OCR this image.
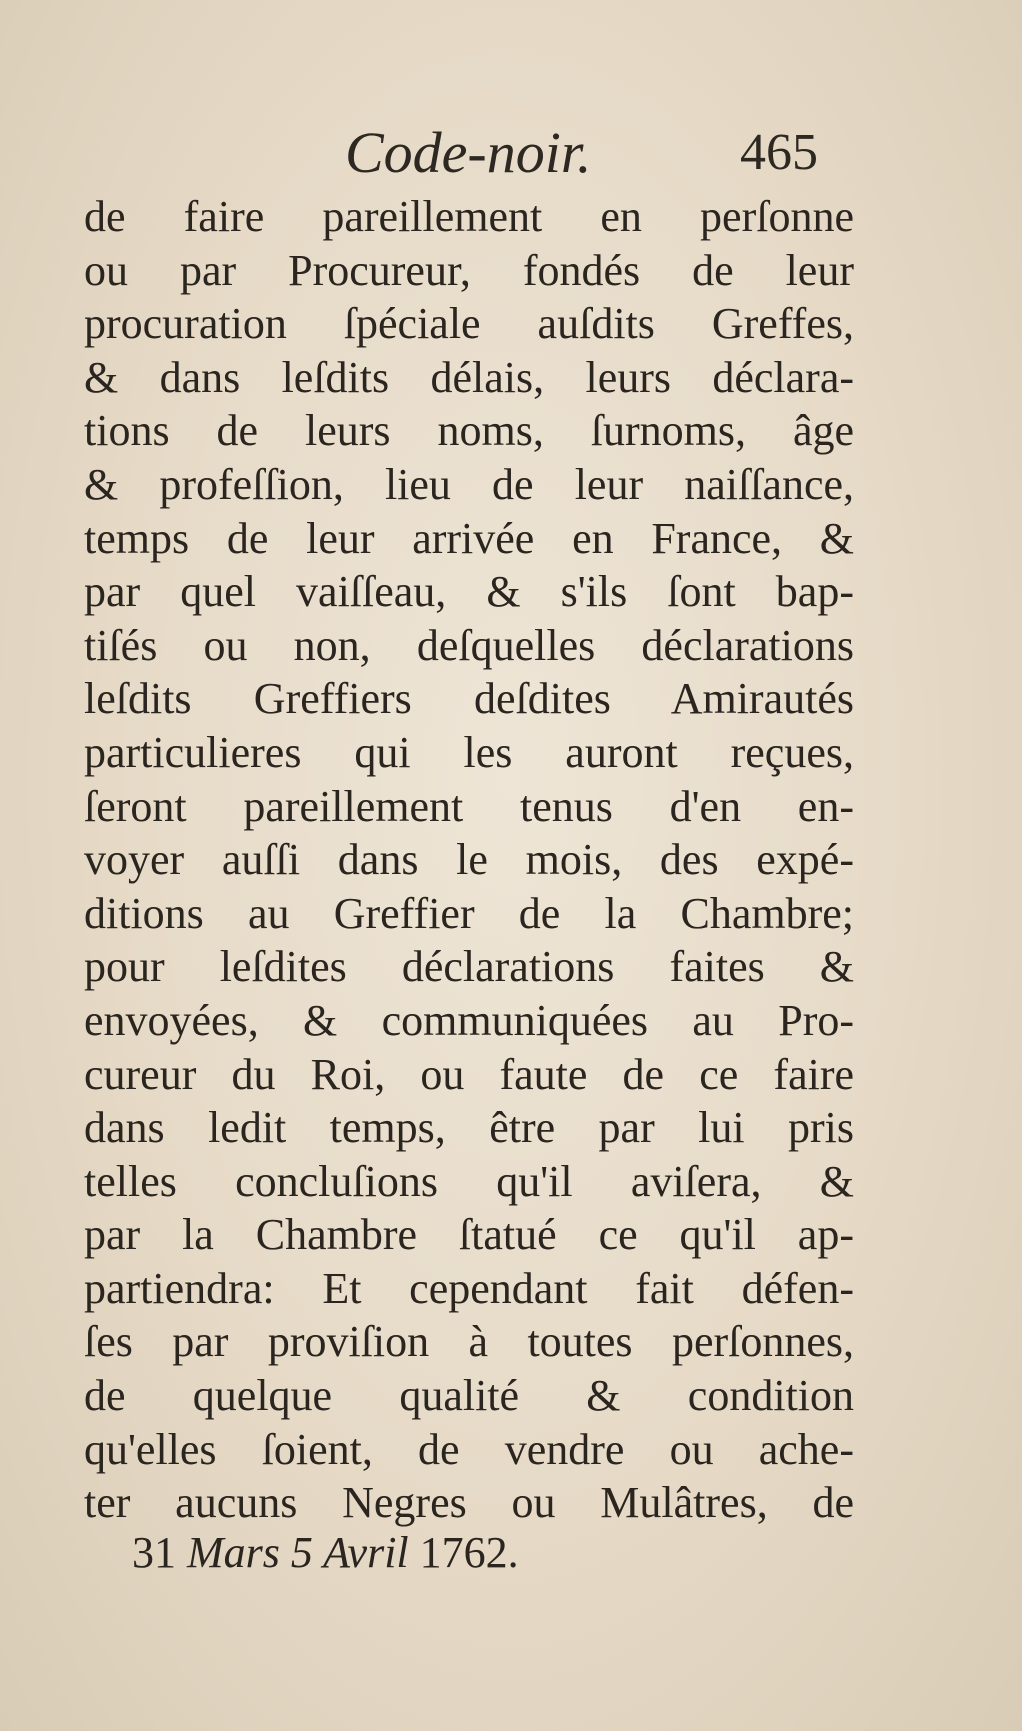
Code-noir.	465
de faire pareillement en perſonne
ou par Procureur, fondés de leur
procuration ſpéciale auſdits Greffes,
& dans leſdits délais, leurs déclara-
tions de leurs noms, ſurnoms, âge
& profeſſion, lieu de leur naiſſance,
temps de leur arrivée en France, &
par quel vaiſſeau, & s'ils ſont bap-
tiſés ou non, deſquelles déclarations
leſdits Greffiers deſdites Amirautés
particulieres qui les auront reçues,
ſeront pareillement tenus d'en en-
voyer auſſi dans le mois, des expé-
ditions au Greffier de la Chambre;
pour leſdites déclarations faites &
envoyées, & communiquées au Pro-
cureur du Roi, ou faute de ce faire
dans ledit temps, être par lui pris
telles concluſions qu'il aviſera, &
par la Chambre ſtatué ce qu'il ap-
partiendra: Et cependant fait défen-
ſes par proviſion à toutes perſonnes,
de quelque qualité & condition
qu'elles ſoient, de vendre ou ache-
ter aucuns Negres ou Mulâtres, de
31 Mars 5 Avril 1762.
